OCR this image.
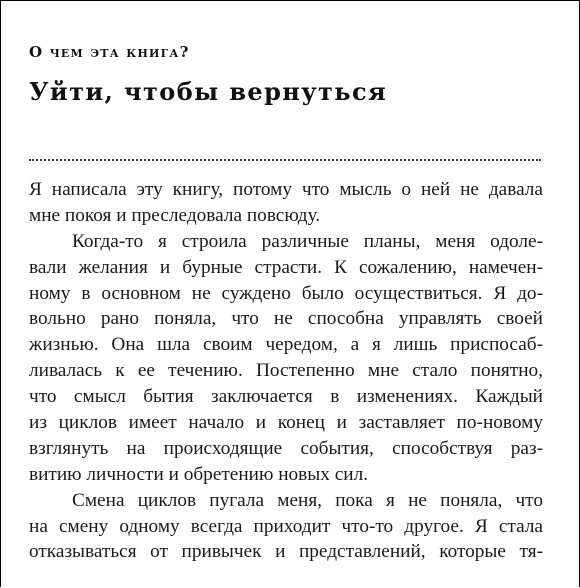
О чем эта книга?
Уйти, чтобы вернуться
Я написала эту книгу, потому что мысль о ней не давала
мне покоя и преследовала повсюду.
Когда-то я строила различные планы, меня одоле-
вали желания и бурные страсти. К сожалению, намечен-
ному в основном не суждено было осуществиться. Я до-
вольно рано поняла, что не способна управлять своей
жизнью. Она шла своим чередом, а я лишь приспосаб-
ливалась к ее течению. Постепенно мне стало понятно,
что смысл бытия заключается в изменениях. Каждый
из циклов имеет начало и конец и заставляет по-новому
взглянуть на происходящие события, способствуя раз-
витию личности и обретению новых сил.
Смена циклов пугала меня, пока я не поняла, что
на смену одному всегда приходит что-то другое. Я стала
отказываться от привычек и представлений, которые тя-
